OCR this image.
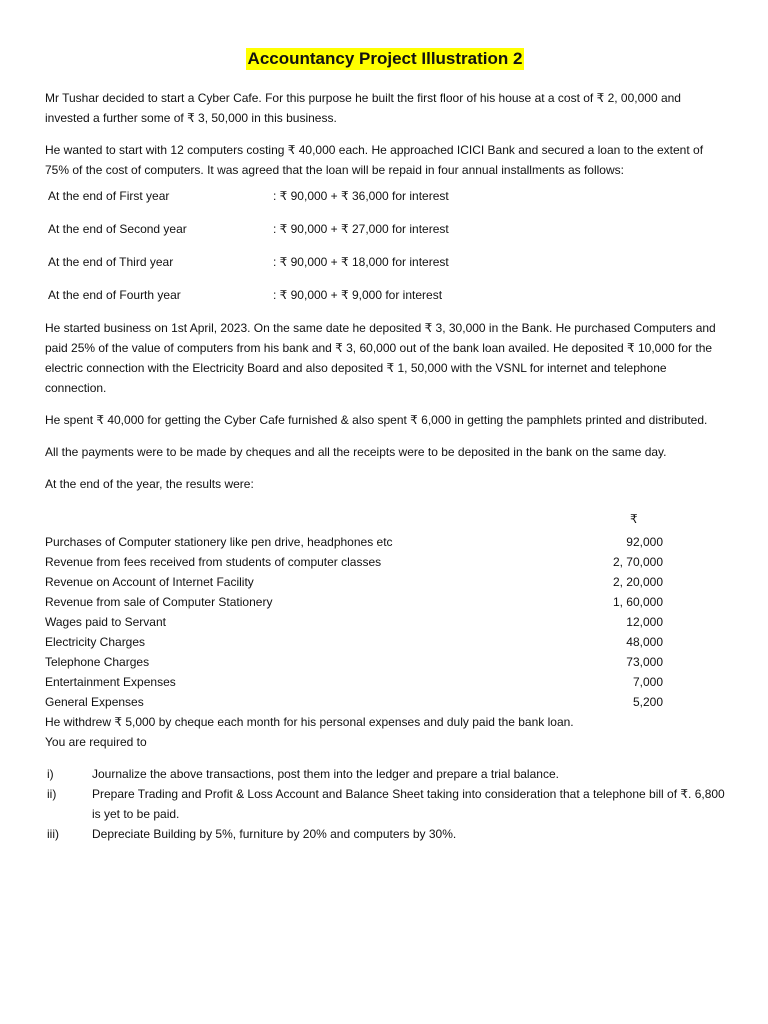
Accountancy Project Illustration 2

Mr Tushar decided to start a Cyber Cafe. For this purpose he built the first floor of his house at a cost of ₹ 2, 00,000 and invested a further some of ₹ 3, 50,000 in this business.

He wanted to start with 12 computers costing ₹ 40,000 each. He approached ICICI Bank and secured a loan to the extent of 75% of the cost of computers. It was agreed that the loan will be repaid in four annual installments as follows:

At the end of First year	: ₹ 90,000 + ₹ 36,000 for interest
At the end of Second year	: ₹ 90,000 + ₹ 27,000 for interest
At the end of Third year	: ₹ 90,000 + ₹ 18,000 for interest
At the end of Fourth year	: ₹ 90,000 + ₹ 9,000 for interest

He started business on 1st April, 2023. On the same date he deposited ₹ 3, 30,000 in the Bank. He purchased Computers and paid 25% of the value of computers from his bank and ₹ 3, 60,000 out of the bank loan availed. He deposited ₹ 10,000 for the electric connection with the Electricity Board and also deposited ₹ 1, 50,000 with the VSNL for internet and telephone connection.

He spent ₹ 40,000 for getting the Cyber Cafe furnished & also spent ₹ 6,000 in getting the pamphlets printed and distributed.

All the payments were to be made by cheques and all the receipts were to be deposited in the bank on the same day.

At the end of the year, the results were:

₹
Purchases of Computer stationery like pen drive, headphones etc	92,000
Revenue from fees received from students of computer classes	2, 70,000
Revenue on Account of Internet Facility	2, 20,000
Revenue from sale of Computer Stationery	1, 60,000
Wages paid to Servant	12,000
Electricity Charges	48,000
Telephone Charges	73,000
Entertainment Expenses	7,000
General Expenses	5,200

He withdrew ₹ 5,000 by cheque each month for his personal expenses and duly paid the bank loan.

You are required to

i)	Journalize the above transactions, post them into the ledger and prepare a trial balance.
ii)	Prepare Trading and Profit & Loss Account and Balance Sheet taking into consideration that a telephone bill of ₹. 6,800 is yet to be paid.
iii)	Depreciate Building by 5%, furniture by 20% and computers by 30%.
